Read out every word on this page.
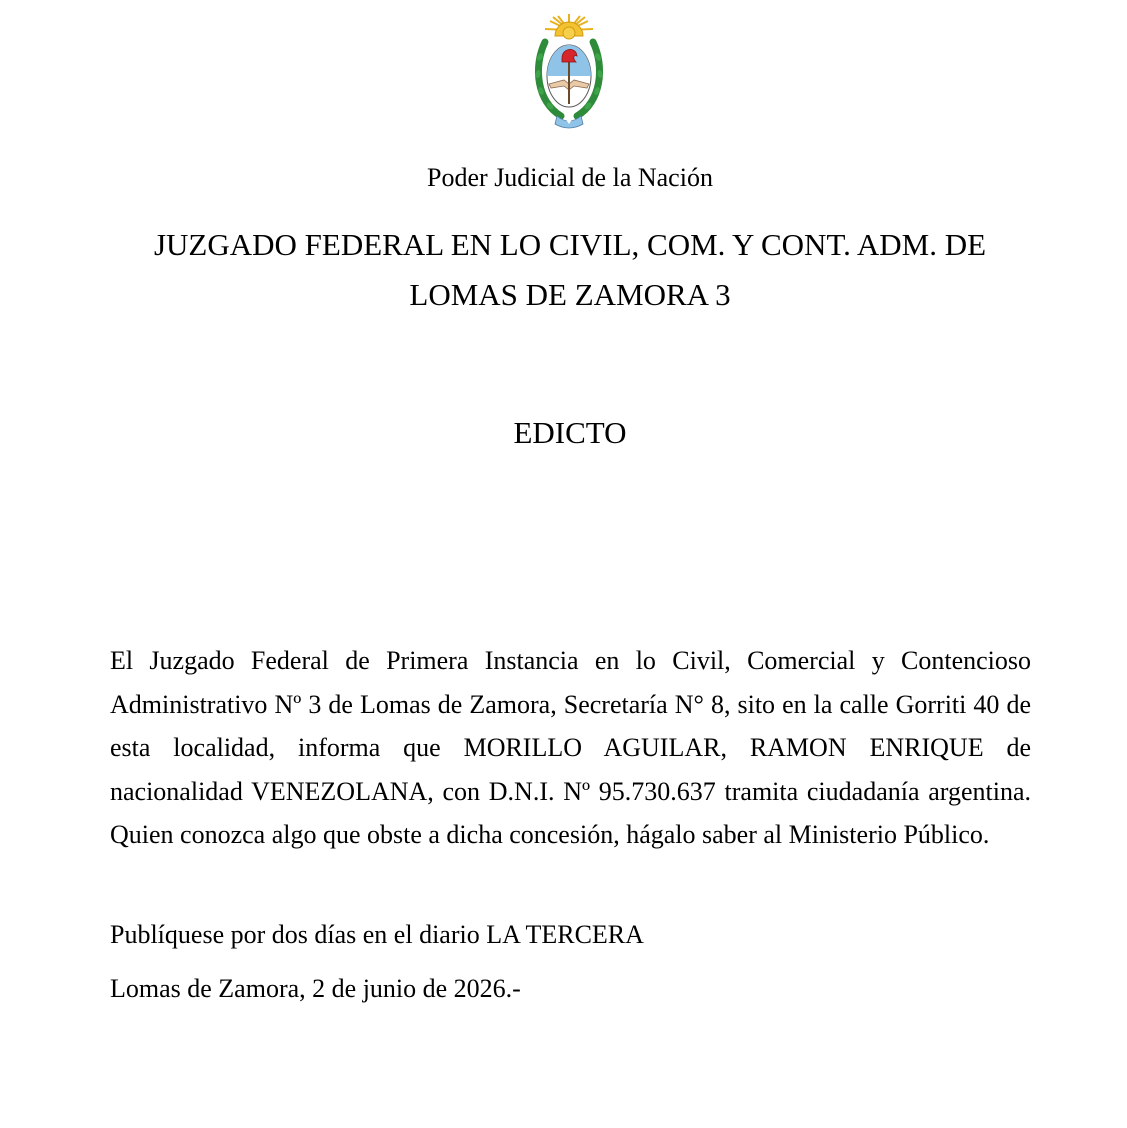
Poder Judicial de la Nación
JUZGADO FEDERAL EN LO CIVIL, COM. Y CONT. ADM. DE
LOMAS DE ZAMORA 3
EDICTO
El Juzgado Federal de Primera Instancia en lo Civil, Comercial y Contencioso Administrativo Nº 3 de Lomas de Zamora, Secretaría N° 8, sito en la calle Gorriti 40 de esta localidad, informa que MORILLO AGUILAR, RAMON ENRIQUE de nacionalidad VENEZOLANA, con D.N.I. Nº 95.730.637 tramita ciudadanía argentina. Quien conozca algo que obste a dicha concesión, hágalo saber al Ministerio Público.
Publíquese por dos días en el diario LA TERCERA
Lomas de Zamora, 2 de junio de 2026.-
